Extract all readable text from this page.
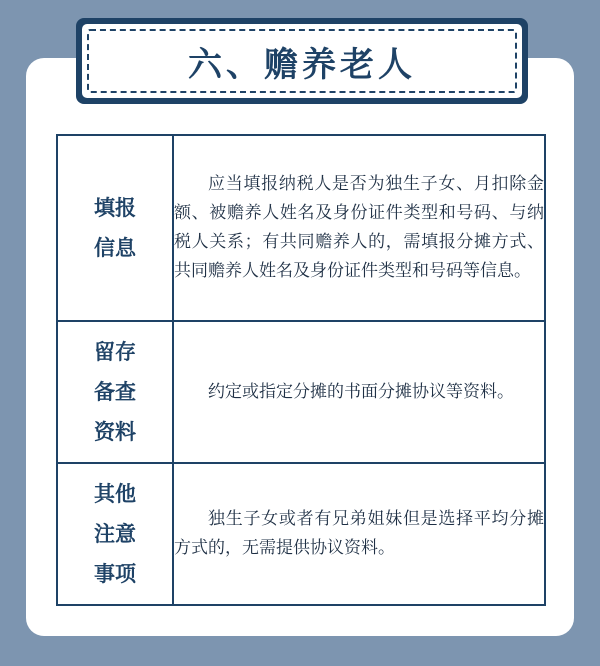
六、赡养老人
填报
信息	应当填报纳税人是否为独生子女、月扣除金额、被赡养人姓名及身份证件类型和号码、与纳税人关系；有共同赡养人的，需填报分摊方式、共同赡养人姓名及身份证件类型和号码等信息。

留存
备查
资料	约定或指定分摊的书面分摊协议等资料。

其他
注意
事项	独生子女或者有兄弟姐妹但是选择平均分摊方式的，无需提供协议资料。
